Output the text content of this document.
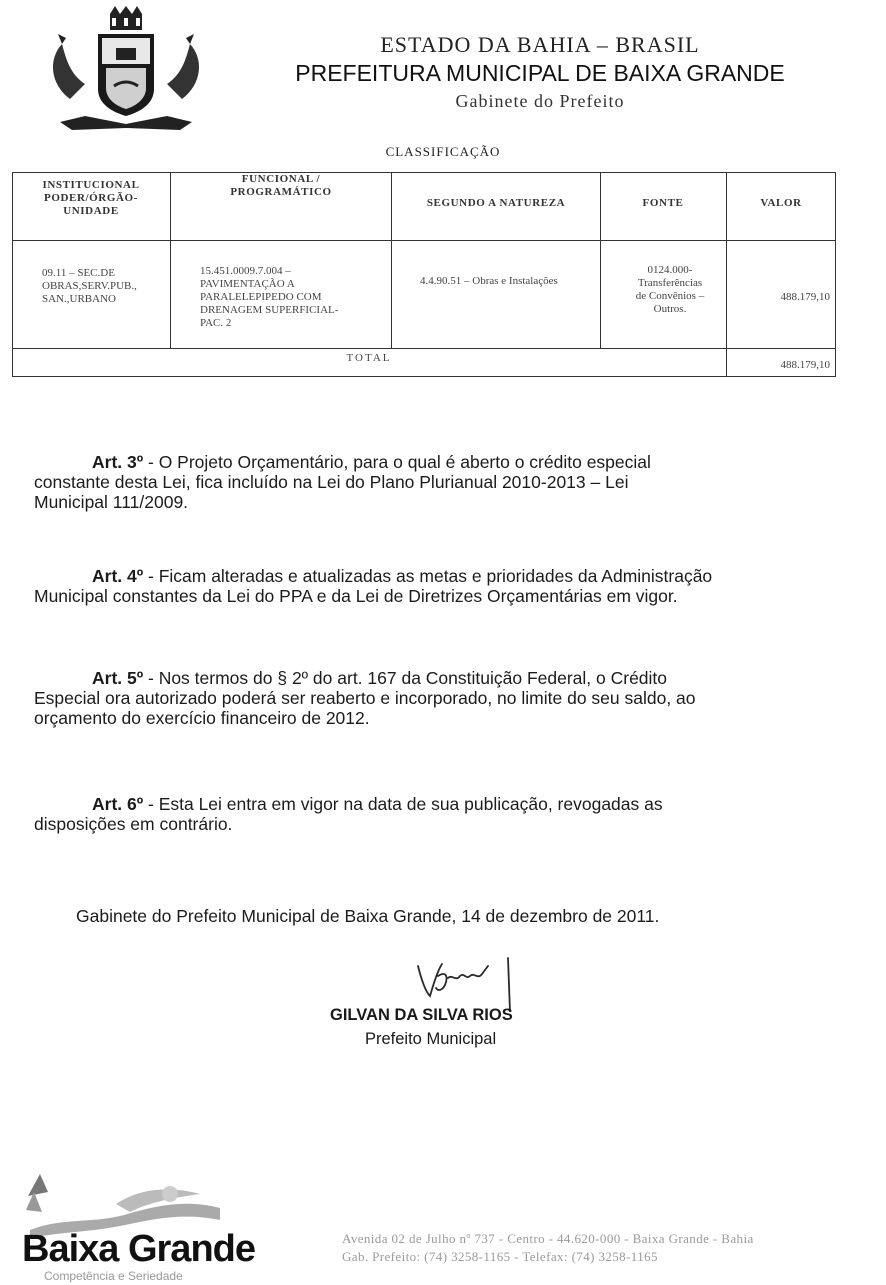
ESTADO DA BAHIA – BRASIL
PREFEITURA MUNICIPAL DE BAIXA GRANDE
Gabinete do Prefeito
CLASSIFICAÇÃO
INSTITUCIONAL
PODER/ÓRGÃO-
UNIDADE
FUNCIONAL /
PROGRAMÁTICO
SEGUNDO A NATUREZA	FONTE	VALOR
09.11 – SEC.DE
OBRAS,SERV.PUB.,
SAN.,URBANO
15.451.0009.7.004 –
PAVIMENTAÇÃO A
PARALELEPIPEDO COM
DRENAGEM SUPERFICIAL-
PAC. 2
4.4.90.51 – Obras e Instalações
0124.000-
Transferências
de Convênios –
Outros.
488.179,10
TOTAL
488.179,10
Art. 3º - O Projeto Orçamentário, para o qual é aberto o crédito especial
constante desta Lei, fica incluído na Lei do Plano Plurianual 2010-2013 – Lei
Municipal 111/2009.
Art. 4º - Ficam alteradas e atualizadas as metas e prioridades da Administração
Municipal constantes da Lei do PPA e da Lei de Diretrizes Orçamentárias em vigor.
Art. 5º - Nos termos do § 2º do art. 167 da Constituição Federal, o Crédito
Especial ora autorizado poderá ser reaberto e incorporado, no limite do seu saldo, ao
orçamento do exercício financeiro de 2012.
Art. 6º - Esta Lei entra em vigor na data de sua publicação, revogadas as
disposições em contrário.
Gabinete do Prefeito Municipal de Baixa Grande, 14 de dezembro de 2011.
GILVAN DA SILVA RIOS
Prefeito Municipal
Baixa Grande
Competência e Seriedade
Avenida 02 de Julho nº 737 - Centro - 44.620-000 - Baixa Grande - Bahia
Gab. Prefeito: (74) 3258-1165 - Telefax: (74) 3258-1165
